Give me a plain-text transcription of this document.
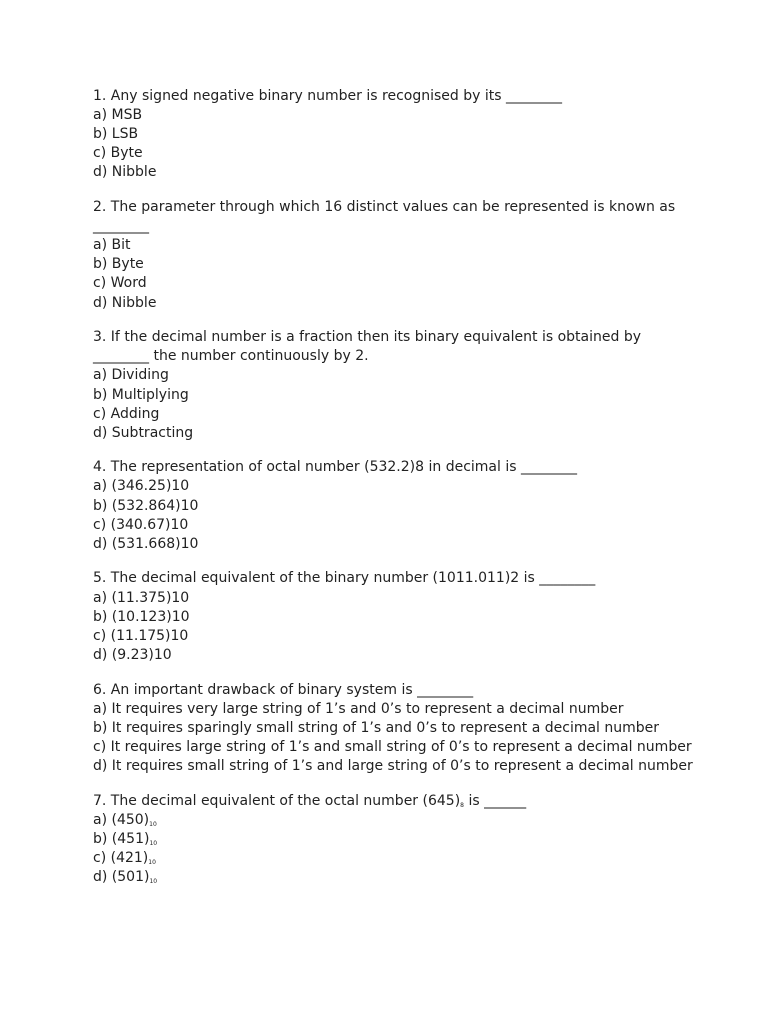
1. Any signed negative binary number is recognised by its ________
a) MSB
b) LSB
c) Byte
d) Nibble
2. The parameter through which 16 distinct values can be represented is known as
________
a) Bit
b) Byte
c) Word
d) Nibble
3. If the decimal number is a fraction then its binary equivalent is obtained by
________ the number continuously by 2.
a) Dividing
b) Multiplying
c) Adding
d) Subtracting
4. The representation of octal number (532.2)8 in decimal is ________
a) (346.25)10
b) (532.864)10
c) (340.67)10
d) (531.668)10
5. The decimal equivalent of the binary number (1011.011)2 is ________
a) (11.375)10
b) (10.123)10
c) (11.175)10
d) (9.23)10
6. An important drawback of binary system is ________
a) It requires very large string of 1’s and 0’s to represent a decimal number
b) It requires sparingly small string of 1’s and 0’s to represent a decimal number
c) It requires large string of 1’s and small string of 0’s to represent a decimal number
d) It requires small string of 1’s and large string of 0’s to represent a decimal number
7. The decimal equivalent of the octal number $(645)_8$ is ______
a) $(450)_{10}$
b) $(451)_{10}$
c) $(421)_{10}$
d) $(501)_{10}$
